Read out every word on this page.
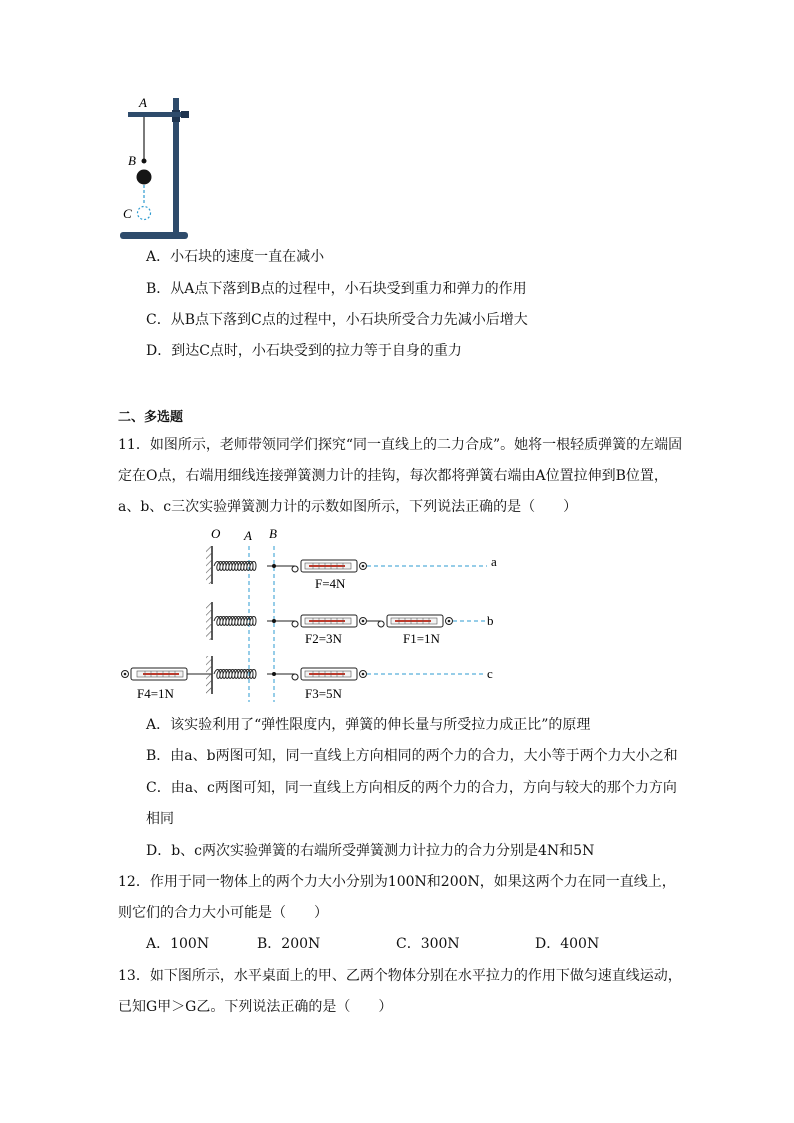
A
B
C
A．小石块的速度一直在减小
B．从A点下落到B点的过程中，小石块受到重力和弹力的作用
C．从B点下落到C点的过程中，小石块所受合力先减小后增大
D．到达C点时，小石块受到的拉力等于自身的重力
二、多选题
11．如图所示，老师带领同学们探究“同一直线上的二力合成”。她将一根轻质弹簧的左端固
定在O点，右端用细线连接弹簧测力计的挂钩，每次都将弹簧右端由A位置拉伸到B位置，
a、b、c三次实验弹簧测力计的示数如图所示，下列说法正确的是（　　）
O A B
a
F=4N
b
F2=3N	F1=1N
c
F4=1N	F3=5N
A．该实验利用了“弹性限度内，弹簧的伸长量与所受拉力成正比”的原理
B．由a、b两图可知，同一直线上方向相同的两个力的合力，大小等于两个力大小之和
C．由a、c两图可知，同一直线上方向相反的两个力的合力，方向与较大的那个力方向
相同
D．b、c两次实验弹簧的右端所受弹簧测力计拉力的合力分别是4N和5N
12．作用于同一物体上的两个力大小分别为100N和200N，如果这两个力在同一直线上，
则它们的合力大小可能是（　　）
A．100N	B．200N	C．300N	D．400N
13．如下图所示，水平桌面上的甲、乙两个物体分别在水平拉力的作用下做匀速直线运动，
已知G甲＞G乙。下列说法正确的是（　　）
